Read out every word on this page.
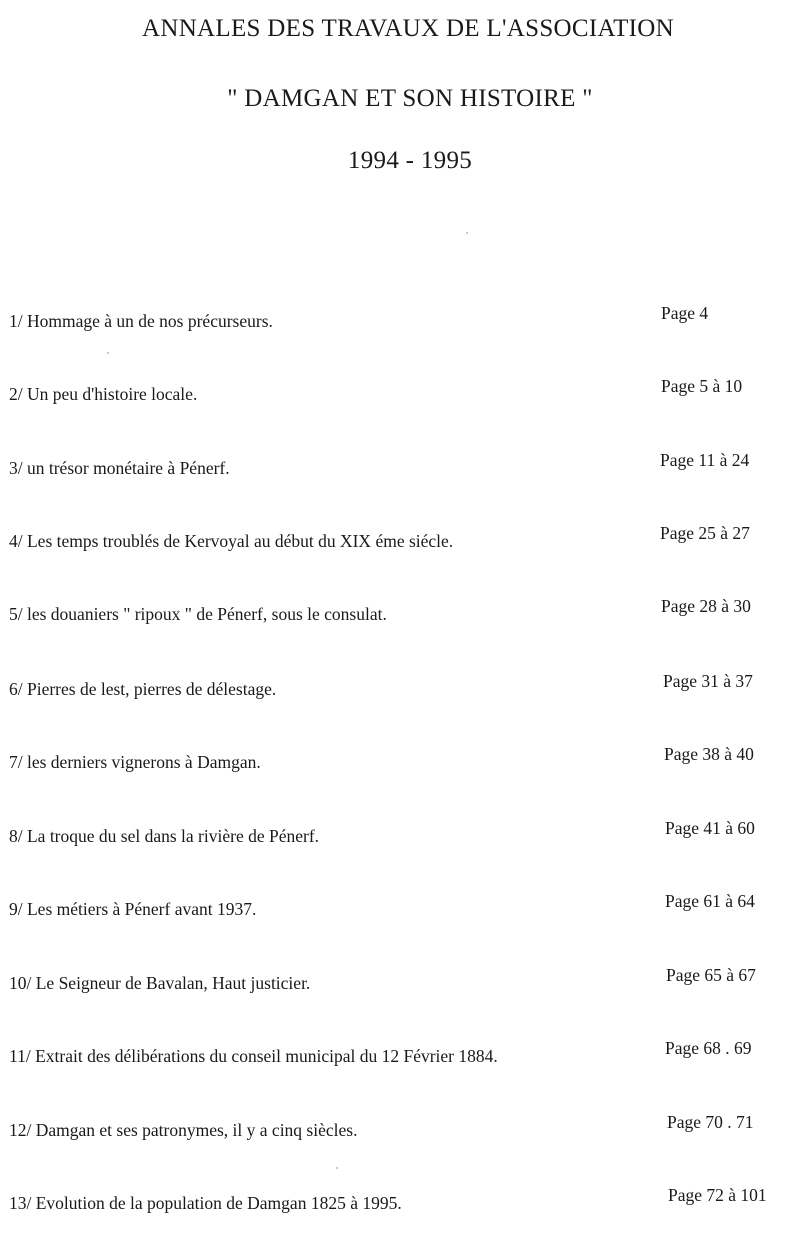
ANNALES DES TRAVAUX DE L'ASSOCIATION
" DAMGAN ET SON HISTOIRE "
1994 - 1995
1/ Hommage à un de nos précurseurs.	Page 4
2/ Un peu d'histoire locale.	Page 5 à 10
3/ un trésor monétaire à Pénerf.	Page 11 à 24
4/ Les temps troublés de Kervoyal au début du XIX éme siécle.	Page 25 à 27
5/ les douaniers " ripoux " de Pénerf, sous le consulat.	Page 28 à 30
6/ Pierres de lest, pierres de délestage.	Page 31 à 37
7/ les derniers vignerons à Damgan.	Page 38 à 40
8/ La troque du sel dans la rivière de Pénerf.	Page 41 à 60
9/ Les métiers à Pénerf avant 1937.	Page 61 à 64
10/ Le Seigneur de Bavalan, Haut justicier.	Page 65 à 67
11/ Extrait des délibérations du conseil municipal du 12 Février 1884.	Page 68 . 69
12/ Damgan et ses patronymes, il y a cinq siècles.	Page 70 . 71
13/ Evolution de la population de Damgan 1825 à 1995.	Page 72 à 101
